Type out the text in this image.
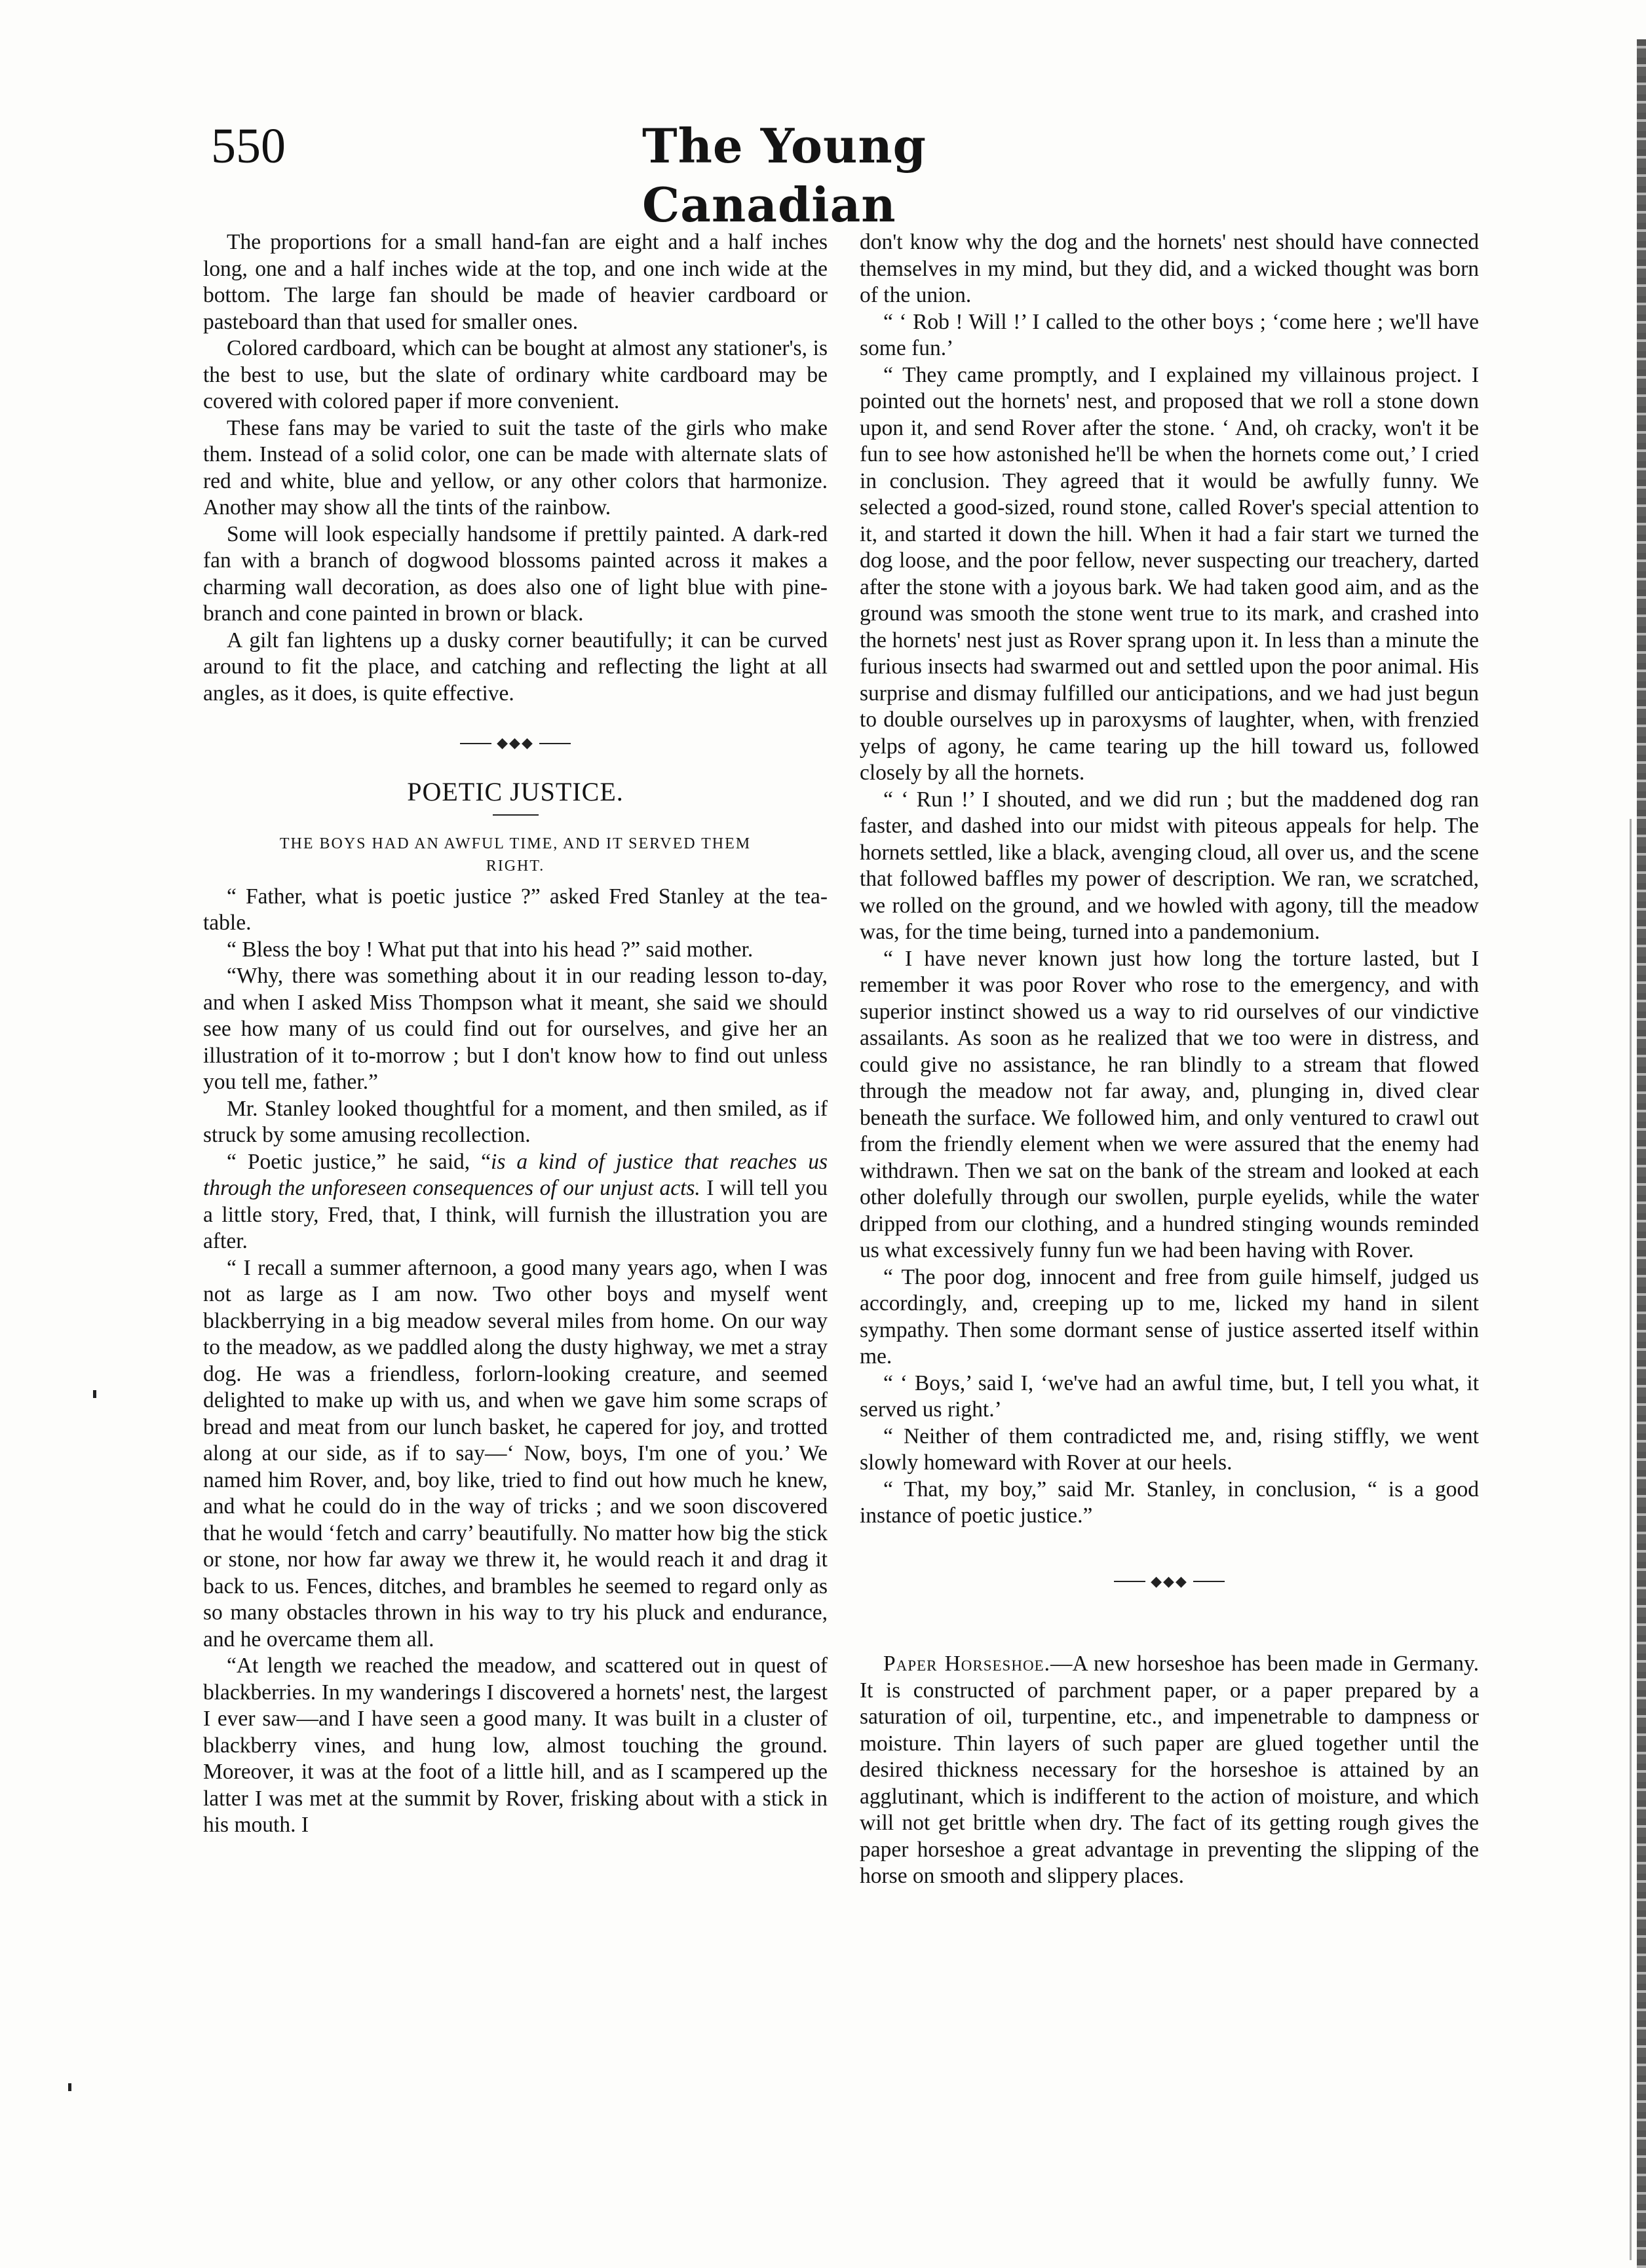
550	The Young Canadian

The proportions for a small hand-fan are eight and a half inches long, one and a half inches wide at the top, and one inch wide at the bottom. The large fan should be made of heavier cardboard or pasteboard than that used for smaller ones.

Colored cardboard, which can be bought at almost any stationer's, is the best to use, but the slate of ordinary white cardboard may be covered with colored paper if more convenient.

These fans may be varied to suit the taste of the girls who make them. Instead of a solid color, one can be made with alternate slats of red and white, blue and yellow, or any other colors that harmonize. Another may show all the tints of the rainbow.

Some will look especially handsome if prettily painted. A dark-red fan with a branch of dogwood blossoms painted across it makes a charming wall decoration, as does also one of light blue with pine-branch and cone painted in brown or black.

A gilt fan lightens up a dusky corner beautifully; it can be curved around to fit the place, and catching and reflecting the light at all angles, as it does, is quite effective.

◆◆◆
POETIC JUSTICE.
THE BOYS HAD AN AWFUL TIME, AND IT SERVED THEM RIGHT.

“ Father, what is poetic justice ?” asked Fred Stanley at the tea-table.

“ Bless the boy ! What put that into his head ?” said mother.

“Why, there was something about it in our reading lesson to-day, and when I asked Miss Thompson what it meant, she said we should see how many of us could find out for ourselves, and give her an illustration of it to-morrow ; but I don't know how to find out unless you tell me, father.”

Mr. Stanley looked thoughtful for a moment, and then smiled, as if struck by some amusing recollection.

“ Poetic justice,” he said, “is a kind of justice that reaches us through the unforeseen consequences of our unjust acts. I will tell you a little story, Fred, that, I think, will furnish the illustration you are after.

“ I recall a summer afternoon, a good many years ago, when I was not as large as I am now. Two other boys and myself went blackberrying in a big meadow several miles from home. On our way to the meadow, as we paddled along the dusty highway, we met a stray dog. He was a friendless, forlorn-looking creature, and seemed delighted to make up with us, and when we gave him some scraps of bread and meat from our lunch basket, he capered for joy, and trotted along at our side, as if to say—‘ Now, boys, I'm one of you.’ We named him Rover, and, boy like, tried to find out how much he knew, and what he could do in the way of tricks ; and we soon discovered that he would ‘fetch and carry’ beautifully. No matter how big the stick or stone, nor how far away we threw it, he would reach it and drag it back to us. Fences, ditches, and brambles he seemed to regard only as so many obstacles thrown in his way to try his pluck and endurance, and he overcame them all.

“At length we reached the meadow, and scattered out in quest of blackberries. In my wanderings I discovered a hornets' nest, the largest I ever saw—and I have seen a good many. It was built in a cluster of blackberry vines, and hung low, almost touching the ground. Moreover, it was at the foot of a little hill, and as I scampered up the latter I was met at the summit by Rover, frisking about with a stick in his mouth. I

don't know why the dog and the hornets' nest should have connected themselves in my mind, but they did, and a wicked thought was born of the union.

“ ‘ Rob ! Will !’ I called to the other boys ; ‘come here ; we'll have some fun.’

“ They came promptly, and I explained my villainous project. I pointed out the hornets' nest, and proposed that we roll a stone down upon it, and send Rover after the stone. ‘ And, oh cracky, won't it be fun to see how astonished he'll be when the hornets come out,’ I cried in conclusion. They agreed that it would be awfully funny. We selected a good-sized, round stone, called Rover's special attention to it, and started it down the hill. When it had a fair start we turned the dog loose, and the poor fellow, never suspecting our treachery, darted after the stone with a joyous bark. We had taken good aim, and as the ground was smooth the stone went true to its mark, and crashed into the hornets' nest just as Rover sprang upon it. In less than a minute the furious insects had swarmed out and settled upon the poor animal. His surprise and dismay fulfilled our anticipations, and we had just begun to double ourselves up in paroxysms of laughter, when, with frenzied yelps of agony, he came tearing up the hill toward us, followed closely by all the hornets.

“ ‘ Run !’ I shouted, and we did run ; but the maddened dog ran faster, and dashed into our midst with piteous appeals for help. The hornets settled, like a black, avenging cloud, all over us, and the scene that followed baffles my power of description. We ran, we scratched, we rolled on the ground, and we howled with agony, till the meadow was, for the time being, turned into a pandemonium.

“ I have never known just how long the torture lasted, but I remember it was poor Rover who rose to the emergency, and with superior instinct showed us a way to rid ourselves of our vindictive assailants. As soon as he realized that we too were in distress, and could give no assistance, he ran blindly to a stream that flowed through the meadow not far away, and, plunging in, dived clear beneath the surface. We followed him, and only ventured to crawl out from the friendly element when we were assured that the enemy had withdrawn. Then we sat on the bank of the stream and looked at each other dolefully through our swollen, purple eyelids, while the water dripped from our clothing, and a hundred stinging wounds reminded us what excessively funny fun we had been having with Rover.

“ The poor dog, innocent and free from guile himself, judged us accordingly, and, creeping up to me, licked my hand in silent sympathy. Then some dormant sense of justice asserted itself within me.

“ ‘ Boys,’ said I, ‘we've had an awful time, but, I tell you what, it served us right.’

“ Neither of them contradicted me, and, rising stiffly, we went slowly homeward with Rover at our heels.

“ That, my boy,” said Mr. Stanley, in conclusion, “ is a good instance of poetic justice.”

◆◆◆

Paper Horseshoe.—A new horseshoe has been made in Germany. It is constructed of parchment paper, or a paper prepared by a saturation of oil, turpentine, etc., and impenetrable to dampness or moisture. Thin layers of such paper are glued together until the desired thickness necessary for the horseshoe is attained by an agglutinant, which is indifferent to the action of moisture, and which will not get brittle when dry. The fact of its getting rough gives the paper horseshoe a great advantage in preventing the slipping of the horse on smooth and slippery places.
